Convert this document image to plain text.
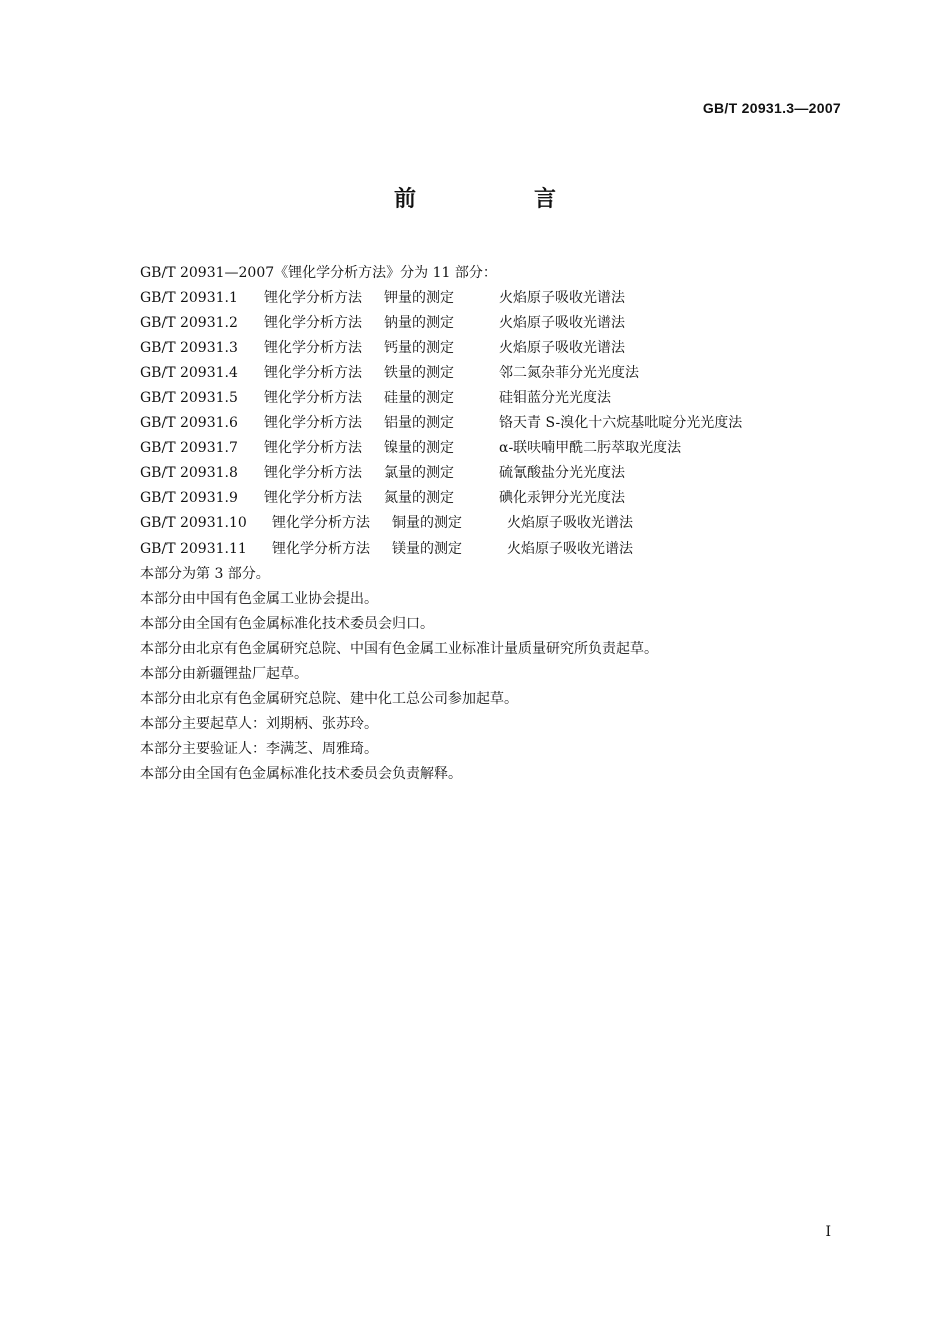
GB/T 20931.3—2007
前　言
GB/T 20931—2007《锂化学分析方法》分为 11 部分：
GB/T 20931.1 锂化学分析方法 钾量的测定	火焰原子吸收光谱法
GB/T 20931.2 锂化学分析方法 钠量的测定	火焰原子吸收光谱法
GB/T 20931.3 锂化学分析方法 钙量的测定	火焰原子吸收光谱法
GB/T 20931.4 锂化学分析方法 铁量的测定	邻二氮杂菲分光光度法
GB/T 20931.5 锂化学分析方法 硅量的测定	硅钼蓝分光光度法
GB/T 20931.6 锂化学分析方法 铝量的测定	铬天青 S-溴化十六烷基吡啶分光光度法
GB/T 20931.7 锂化学分析方法 镍量的测定	α-联呋喃甲酰二肟萃取光度法
GB/T 20931.8 锂化学分析方法 氯量的测定	硫氰酸盐分光光度法
GB/T 20931.9 锂化学分析方法 氮量的测定	碘化汞钾分光光度法
GB/T 20931.10 锂化学分析方法 铜量的测定	火焰原子吸收光谱法
GB/T 20931.11 锂化学分析方法 镁量的测定	火焰原子吸收光谱法
本部分为第 3 部分。
本部分由中国有色金属工业协会提出。
本部分由全国有色金属标准化技术委员会归口。
本部分由北京有色金属研究总院、中国有色金属工业标准计量质量研究所负责起草。
本部分由新疆锂盐厂起草。
本部分由北京有色金属研究总院、建中化工总公司参加起草。
本部分主要起草人：刘期柄、张苏玲。
本部分主要验证人：李满芝、周雅琦。
本部分由全国有色金属标准化技术委员会负责解释。
I
